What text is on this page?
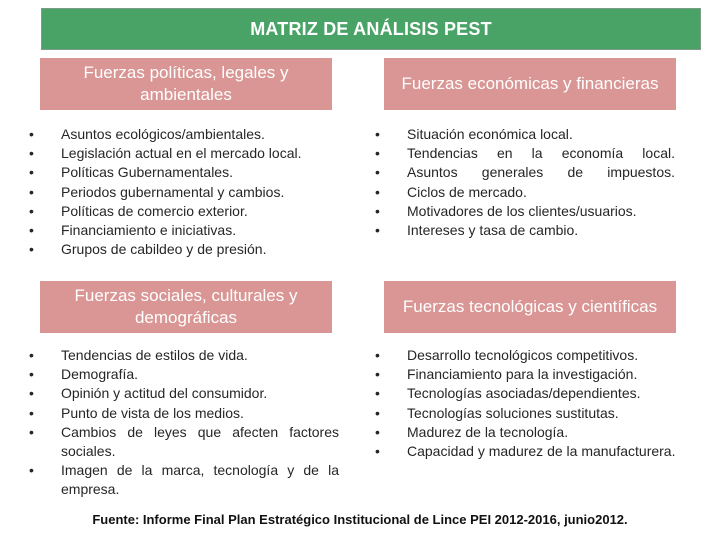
MATRIZ DE ANÁLISIS PEST
Fuerzas políticas, legales y ambientales
Fuerzas económicas y financieras
•	Asuntos ecológicos/ambientales.
•	Legislación actual en el mercado local.
•	Políticas Gubernamentales.
•	Periodos gubernamental y cambios.
•	Políticas de comercio exterior.
•	Financiamiento e iniciativas.
•	Grupos de cabildeo y de presión.
•	Situación económica local.
•	Tendencias en la economía local.
•	Asuntos generales de impuestos.
•	Ciclos de mercado.
•	Motivadores de los clientes/usuarios.
•	Intereses y tasa de cambio.
Fuerzas sociales, culturales y demográficas
Fuerzas tecnológicas y científicas
•	Tendencias de estilos de vida.
•	Demografía.
•	Opinión y actitud del consumidor.
•	Punto de vista de los medios.
•	Cambios de leyes que afecten factores sociales.
•	Imagen de la marca, tecnología y de la empresa.
•	Desarrollo tecnológicos competitivos.
•	Financiamiento para la investigación.
•	Tecnologías asociadas/dependientes.
•	Tecnologías soluciones sustitutas.
•	Madurez de la tecnología.
•	Capacidad y madurez de la manufacturera.
Fuente: Informe Final Plan Estratégico Institucional de Lince PEI 2012-2016, junio2012.
